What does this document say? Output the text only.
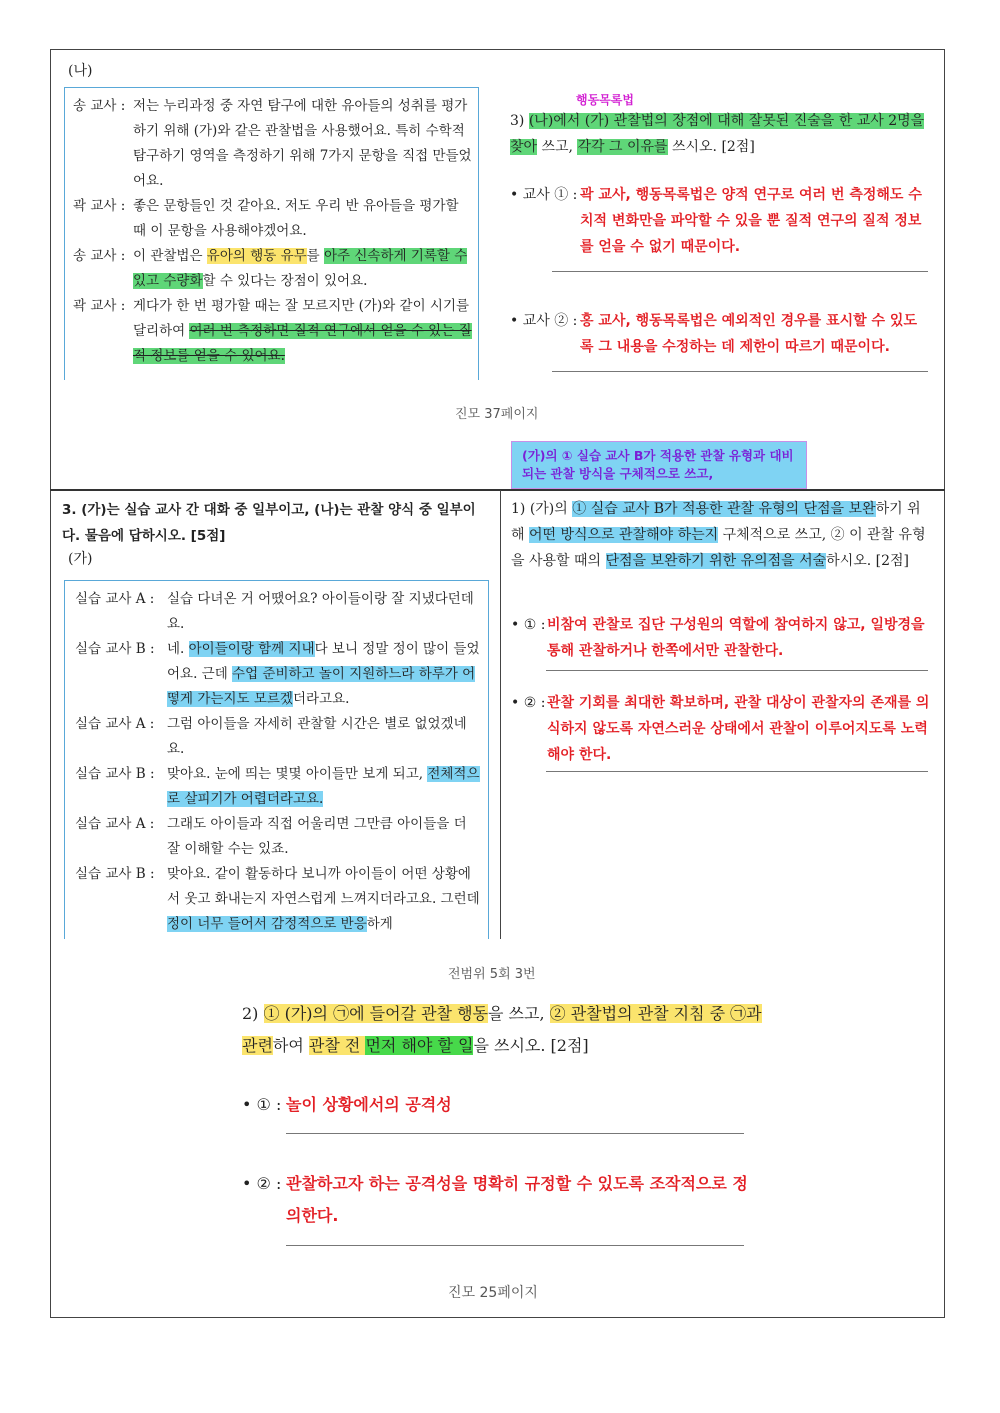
(나)
송 교사 : 저는 누리과정 중 자연 탐구에 대한 유아들의 성취를 평가하기 위해 (가)와 같은 관찰법을 사용했어요. 특히 수학적 탐구하기 영역을 측정하기 위해 7가지 문항을 직접 만들었어요.
곽 교사 : 좋은 문항들인 것 같아요. 저도 우리 반 유아들을 평가할 때 이 문항을 사용해야겠어요.
송 교사 : 이 관찰법은 유아의 행동 유무를 아주 신속하게 기록할 수 있고 수량화할 수 있다는 장점이 있어요.
곽 교사 : 게다가 한 번 평가할 때는 잘 모르지만 (가)와 같이 시기를 달리하여 여러 번 측정하면 질적 연구에서 얻을 수 있는 질적 정보를 얻을 수 있어요.
행동목록법
3) (나)에서 (가) 관찰법의 장점에 대해 잘못된 진술을 한 교사 2명을 찾아 쓰고, 각각 그 이유를 쓰시오. [2점]
• 교사 ① : 곽 교사, 행동목록법은 양적 연구로 여러 번 측정해도 수치적 변화만을 파악할 수 있을 뿐 질적 연구의 질적 정보를 얻을 수 없기 때문이다.
• 교사 ② : 홍 교사, 행동목록법은 예외적인 경우를 표시할 수 있도록 그 내용을 수정하는 데 제한이 따르기 때문이다.
진모 37페이지
(가)의 ① 실습 교사 B가 적용한 관찰 유형과 대비되는 관찰 방식을 구체적으로 쓰고,
3. (가)는 실습 교사 간 대화 중 일부이고, (나)는 관찰 양식 중 일부이다. 물음에 답하시오. [5점]
(가)
실습 교사 A : 실습 다녀온 거 어땠어요? 아이들이랑 잘 지냈다던데요.
실습 교사 B : 네. 아이들이랑 함께 지내다 보니 정말 정이 많이 들었어요. 근데 수업 준비하고 놀이 지원하느라 하루가 어떻게 가는지도 모르겠더라고요.
실습 교사 A : 그럼 아이들을 자세히 관찰할 시간은 별로 없었겠네요.
실습 교사 B : 맞아요. 눈에 띄는 몇몇 아이들만 보게 되고, 전체적으로 살피기가 어렵더라고요.
실습 교사 A : 그래도 아이들과 직접 어울리면 그만큼 아이들을 더 잘 이해할 수는 있죠.
실습 교사 B : 맞아요. 같이 활동하다 보니까 아이들이 어떤 상황에서 웃고 화내는지 자연스럽게 느껴지더라고요. 그런데 정이 너무 들어서 감정적으로 반응하게
1) (가)의 ① 실습 교사 B가 적용한 관찰 유형의 단점을 보완하기 위해 어떤 방식으로 관찰해야 하는지 구체적으로 쓰고, ② 이 관찰 유형을 사용할 때의 단점을 보완하기 위한 유의점을 서술하시오. [2점]
• ① : 비참여 관찰로 집단 구성원의 역할에 참여하지 않고, 일방경을 통해 관찰하거나 한쪽에서만 관찰한다.
• ② : 관찰 기회를 최대한 확보하며, 관찰 대상이 관찰자의 존재를 의식하지 않도록 자연스러운 상태에서 관찰이 이루어지도록 노력해야 한다.
전범위 5회 3번
2) ① (가)의 ㉠에 들어갈 관찰 행동을 쓰고, ② 관찰법의 관찰 지침 중 ㉠과 관련하여 관찰 전 먼저 해야 할 일을 쓰시오. [2점]
• ① : 놀이 상황에서의 공격성
• ② : 관찰하고자 하는 공격성을 명확히 규정할 수 있도록 조작적으로 정의한다.
진모 25페이지
